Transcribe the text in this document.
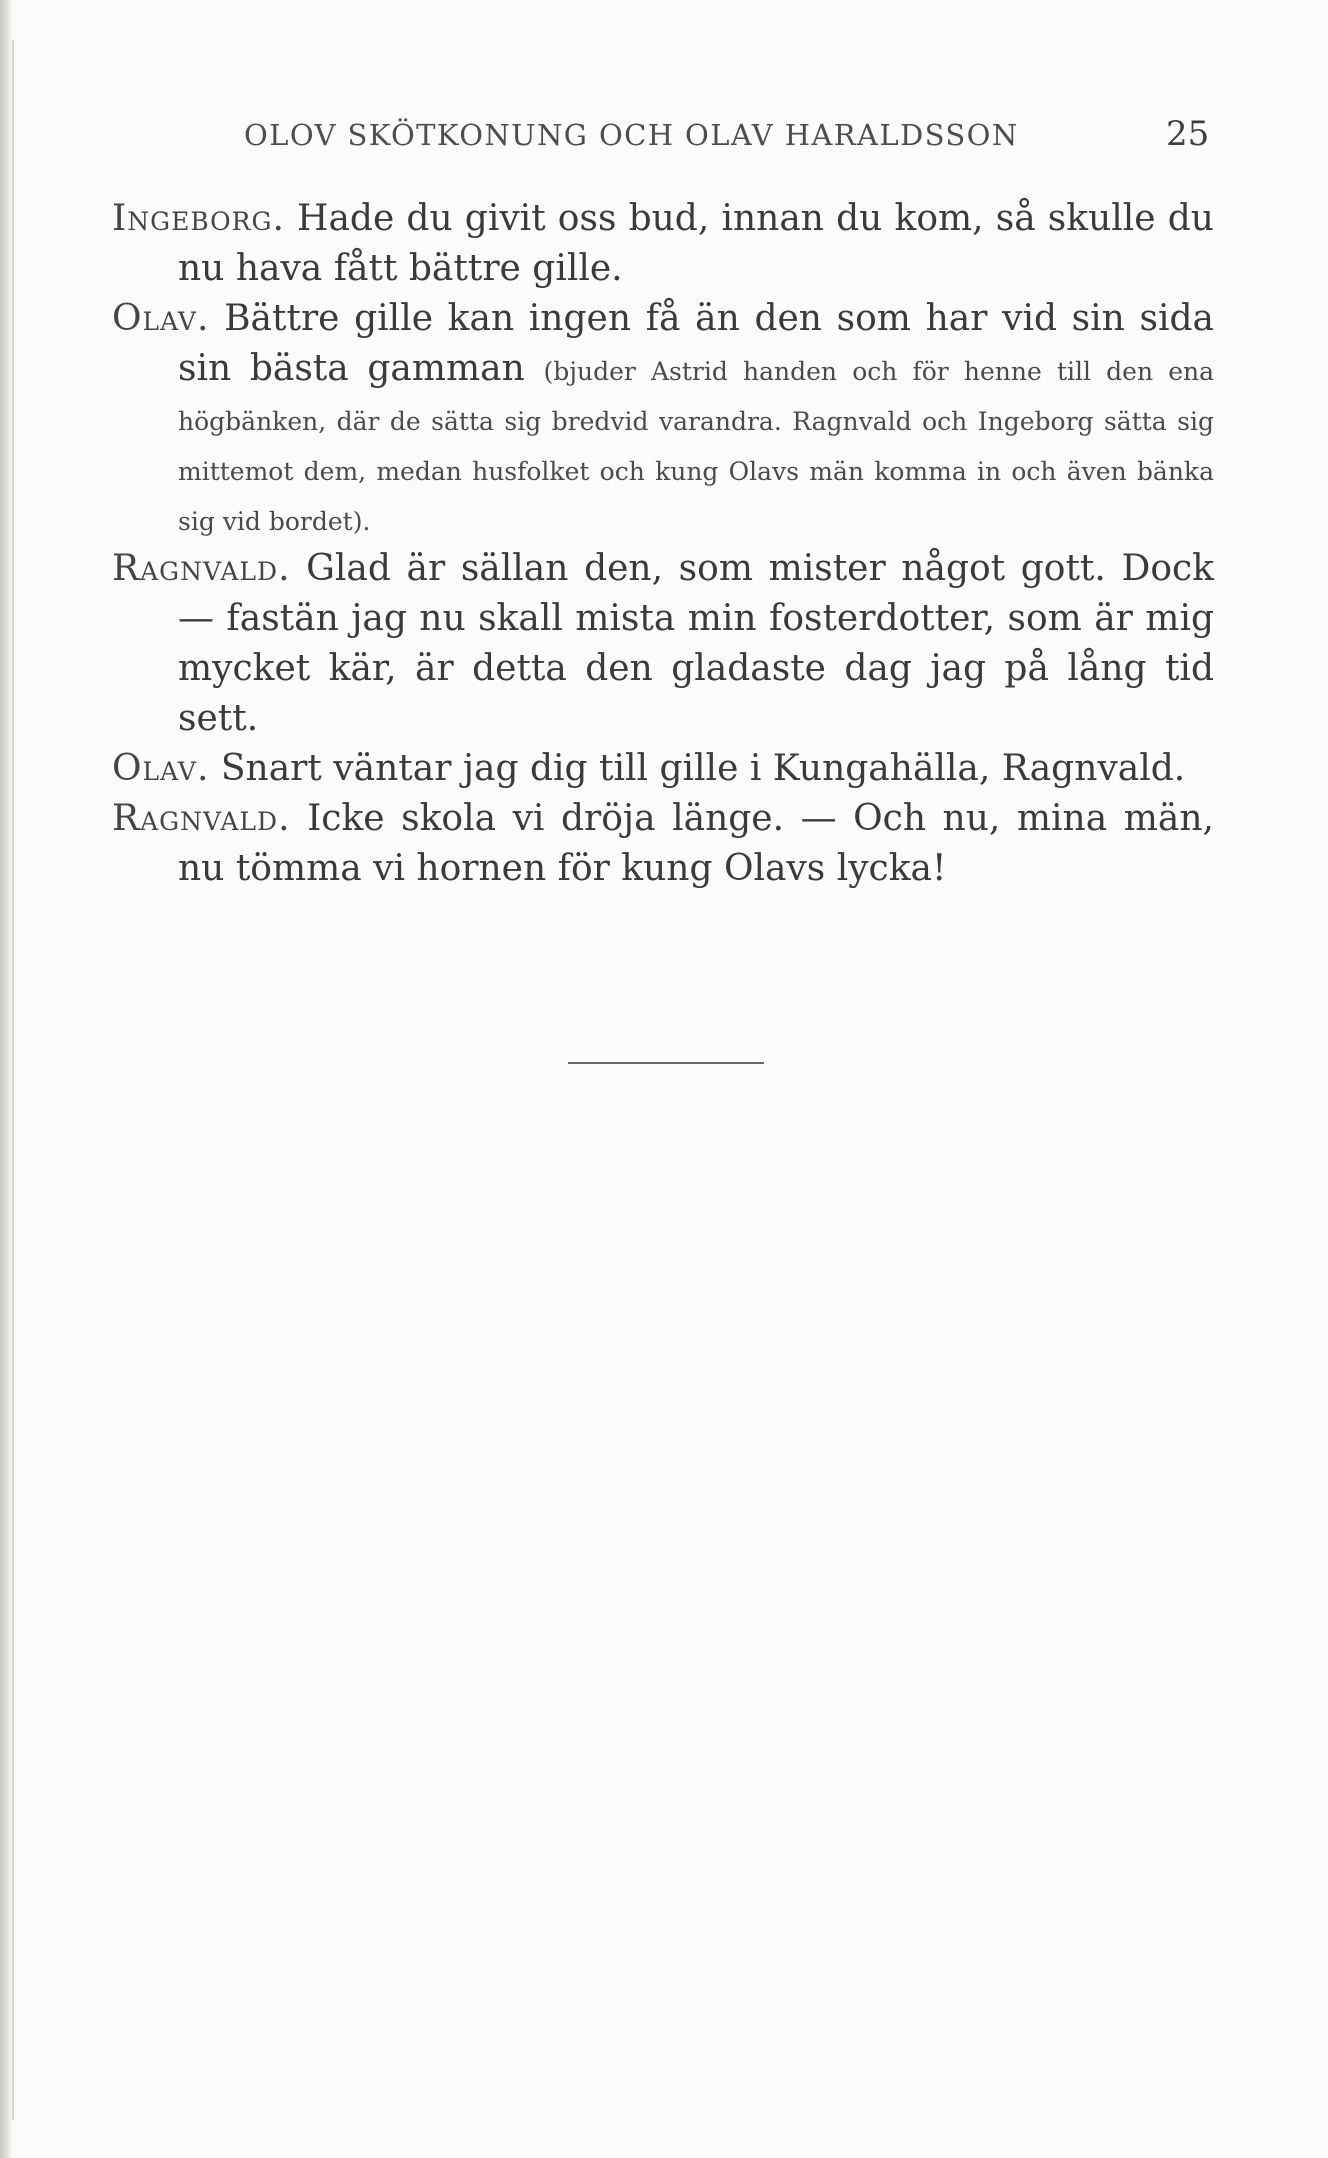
OLOV SKÖTKONUNG OCH OLAV HARALDSSON	25

Ingeborg. Hade du givit oss bud, innan du kom, så skulle du nu hava fått bättre gille.

Olav. Bättre gille kan ingen få än den som har vid sin sida sin bästa gamman (bjuder Astrid handen och för henne till den ena högbänken, där de sätta sig bredvid varandra. Ragnvald och Ingeborg sätta sig mittemot dem, medan husfolket och kung Olavs män komma in och även bänka sig vid bordet).

Ragnvald. Glad är sällan den, som mister något gott. Dock — fastän jag nu skall mista min fosterdotter, som är mig mycket kär, är detta den gladaste dag jag på lång tid sett.

Olav. Snart väntar jag dig till gille i Kungahälla, Ragnvald.

Ragnvald. Icke skola vi dröja länge. — Och nu, mina män, nu tömma vi hornen för kung Olavs lycka!
